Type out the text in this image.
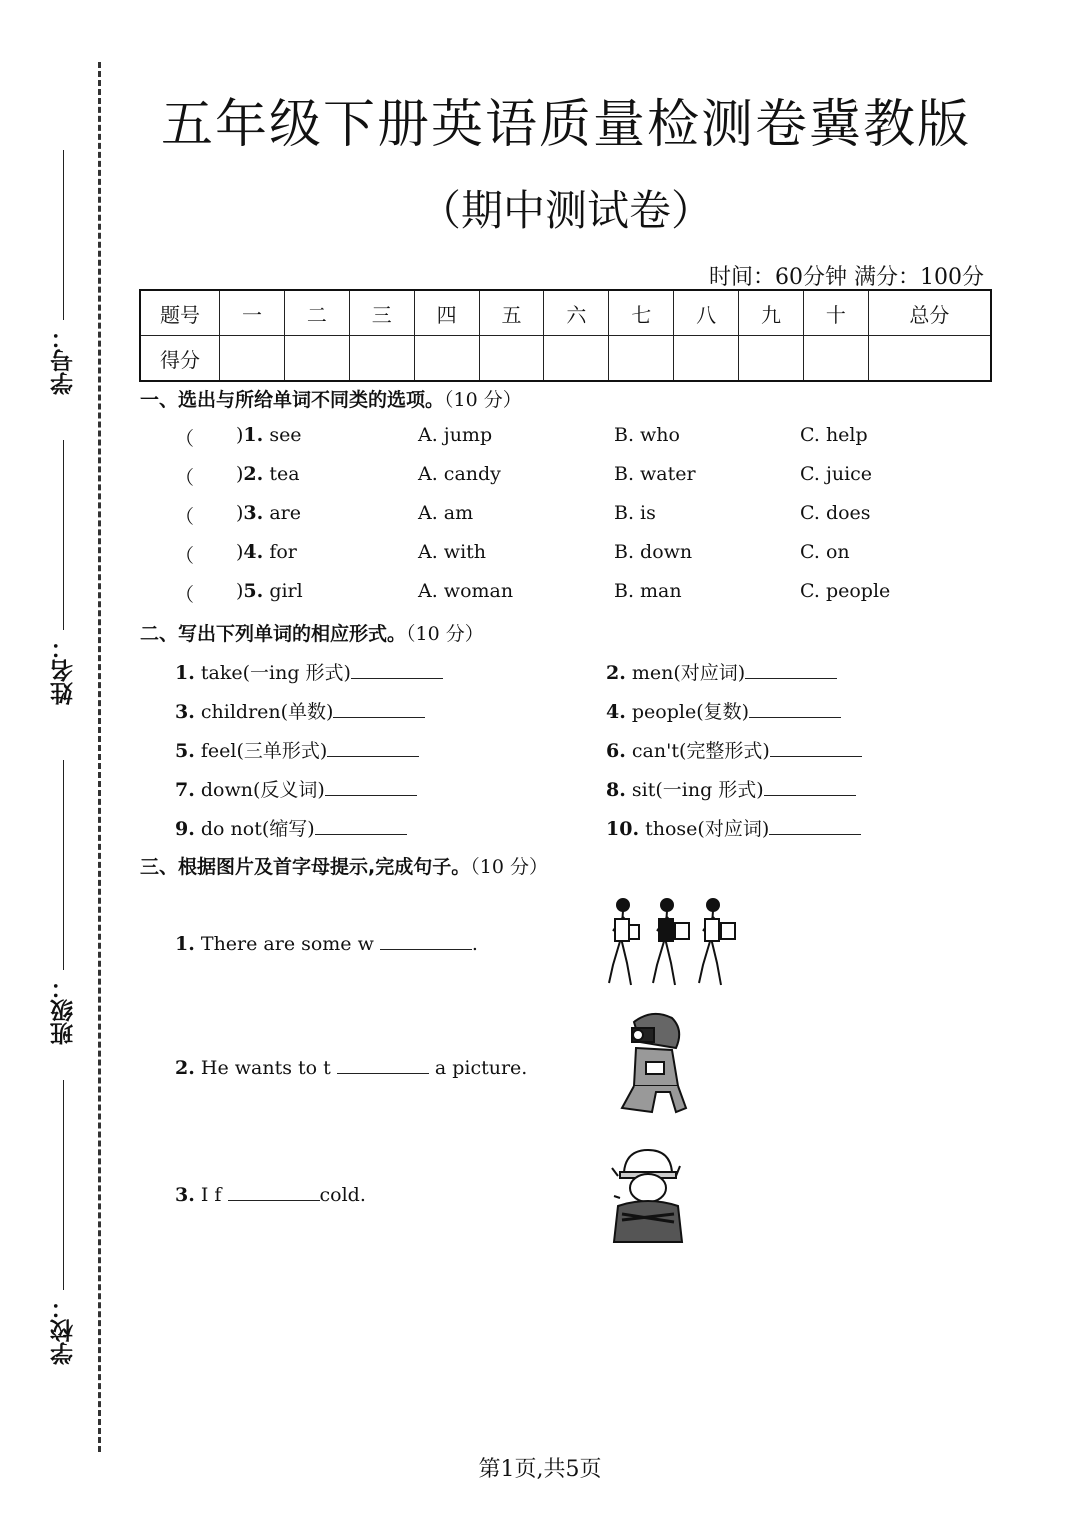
学号：
姓名：
班级：
学校：
五年级下册英语质量检测卷冀教版
（期中测试卷）
时间：60分钟 满分：100分
题号	一	二	三	四	五	六	七	八	九	十	总分
得分											
一、选出与所给单词不同类的选项。（10 分）
（ )1. see	A. jump	B. who	C. help
（ )2. tea	A. candy	B. water	C. juice
（ )3. are	A. am	B. is	C. does
（ )4. for	A. with	B. down	C. on
（ )5. girl	A. woman	B. man	C. people
二、写出下列单词的相应形式。（10 分）
1. take(一ing 形式)	2. men(对应词)
3. children(单数)	4. people(复数)
5. feel(三单形式)	6. can't(完整形式)
7. down(反义词)	8. sit(一ing 形式)
9. do not(缩写)	10. those(对应词)
三、根据图片及首字母提示,完成句子。（10 分）
1. There are some w	.
2. He wants to t	a picture.
3. I f	cold.
第1页,共5页
